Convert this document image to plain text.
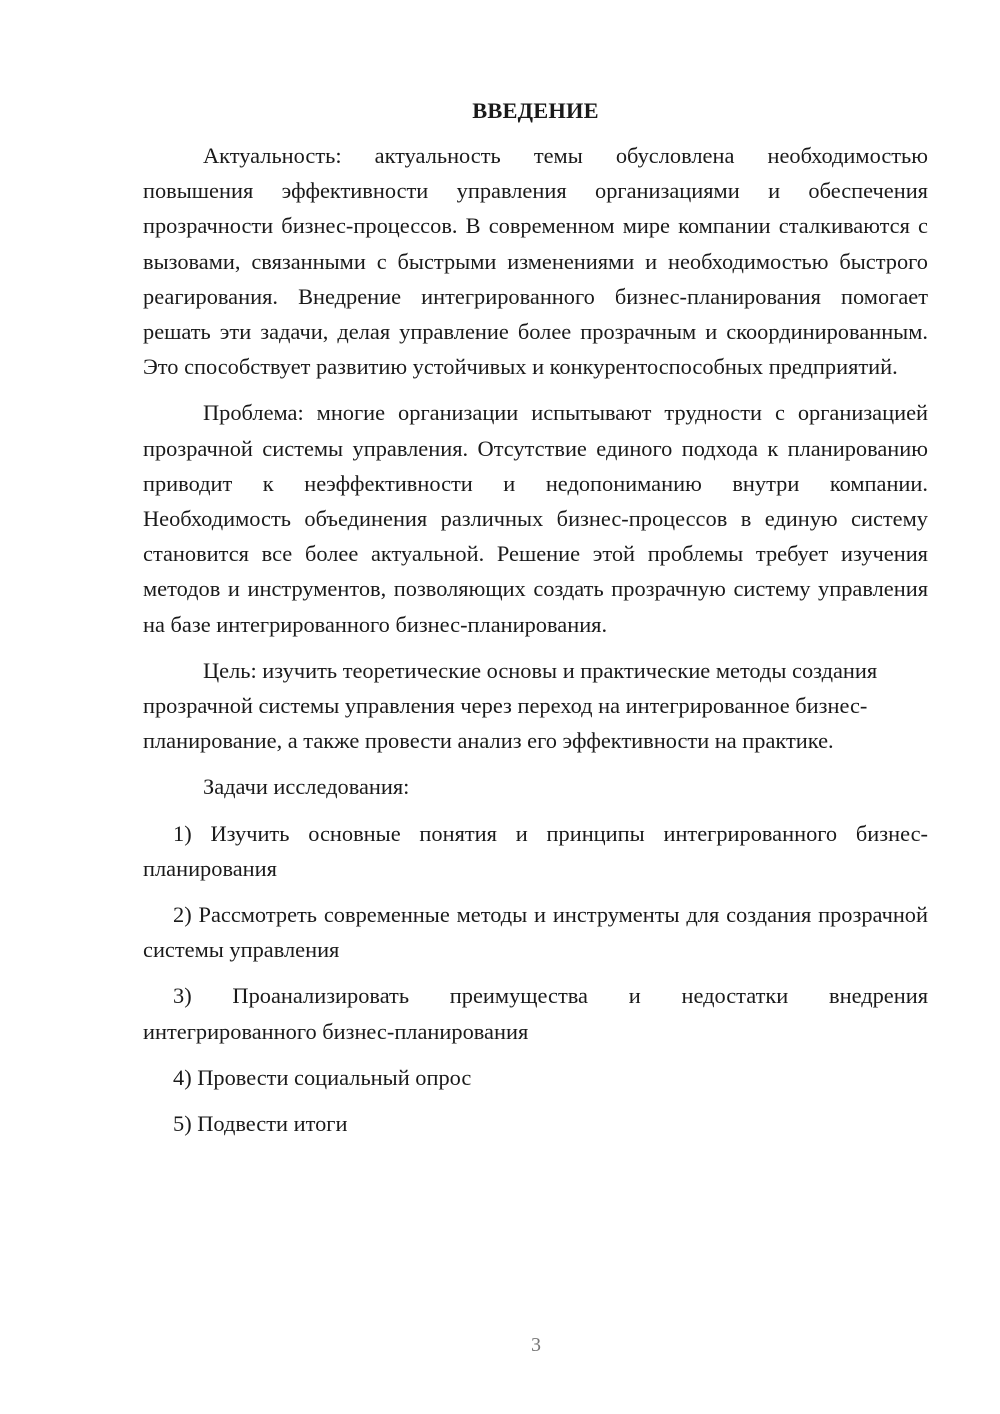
ВВЕДЕНИЕ

Актуальность: актуальность темы обусловлена необходимостью повышения эффективности управления организациями и обеспечения прозрачности бизнес-процессов. В современном мире компании сталкиваются с вызовами, связанными с быстрыми изменениями и необходимостью быстрого реагирования. Внедрение интегрированного бизнес-планирования помогает решать эти задачи, делая управление более прозрачным и скоординированным. Это способствует развитию устойчивых и конкурентоспособных предприятий.

Проблема: многие организации испытывают трудности с организацией прозрачной системы управления. Отсутствие единого подхода к планированию приводит к неэффективности и недопониманию внутри компании. Необходимость объединения различных бизнес-процессов в единую систему становится все более актуальной. Решение этой проблемы требует изучения методов и инструментов, позволяющих создать прозрачную систему управления на базе интегрированного бизнес-планирования.

Цель: изучить теоретические основы и практические методы создания прозрачной системы управления через переход на интегрированное бизнес-планирование, а также провести анализ его эффективности на практике.

Задачи исследования:

1) Изучить основные понятия и принципы интегрированного бизнес-планирования

2) Рассмотреть современные методы и инструменты для создания прозрачной системы управления

3) Проанализировать преимущества и недостатки внедрения интегрированного бизнес-планирования

4) Провести социальный опрос

5) Подвести итоги

3
